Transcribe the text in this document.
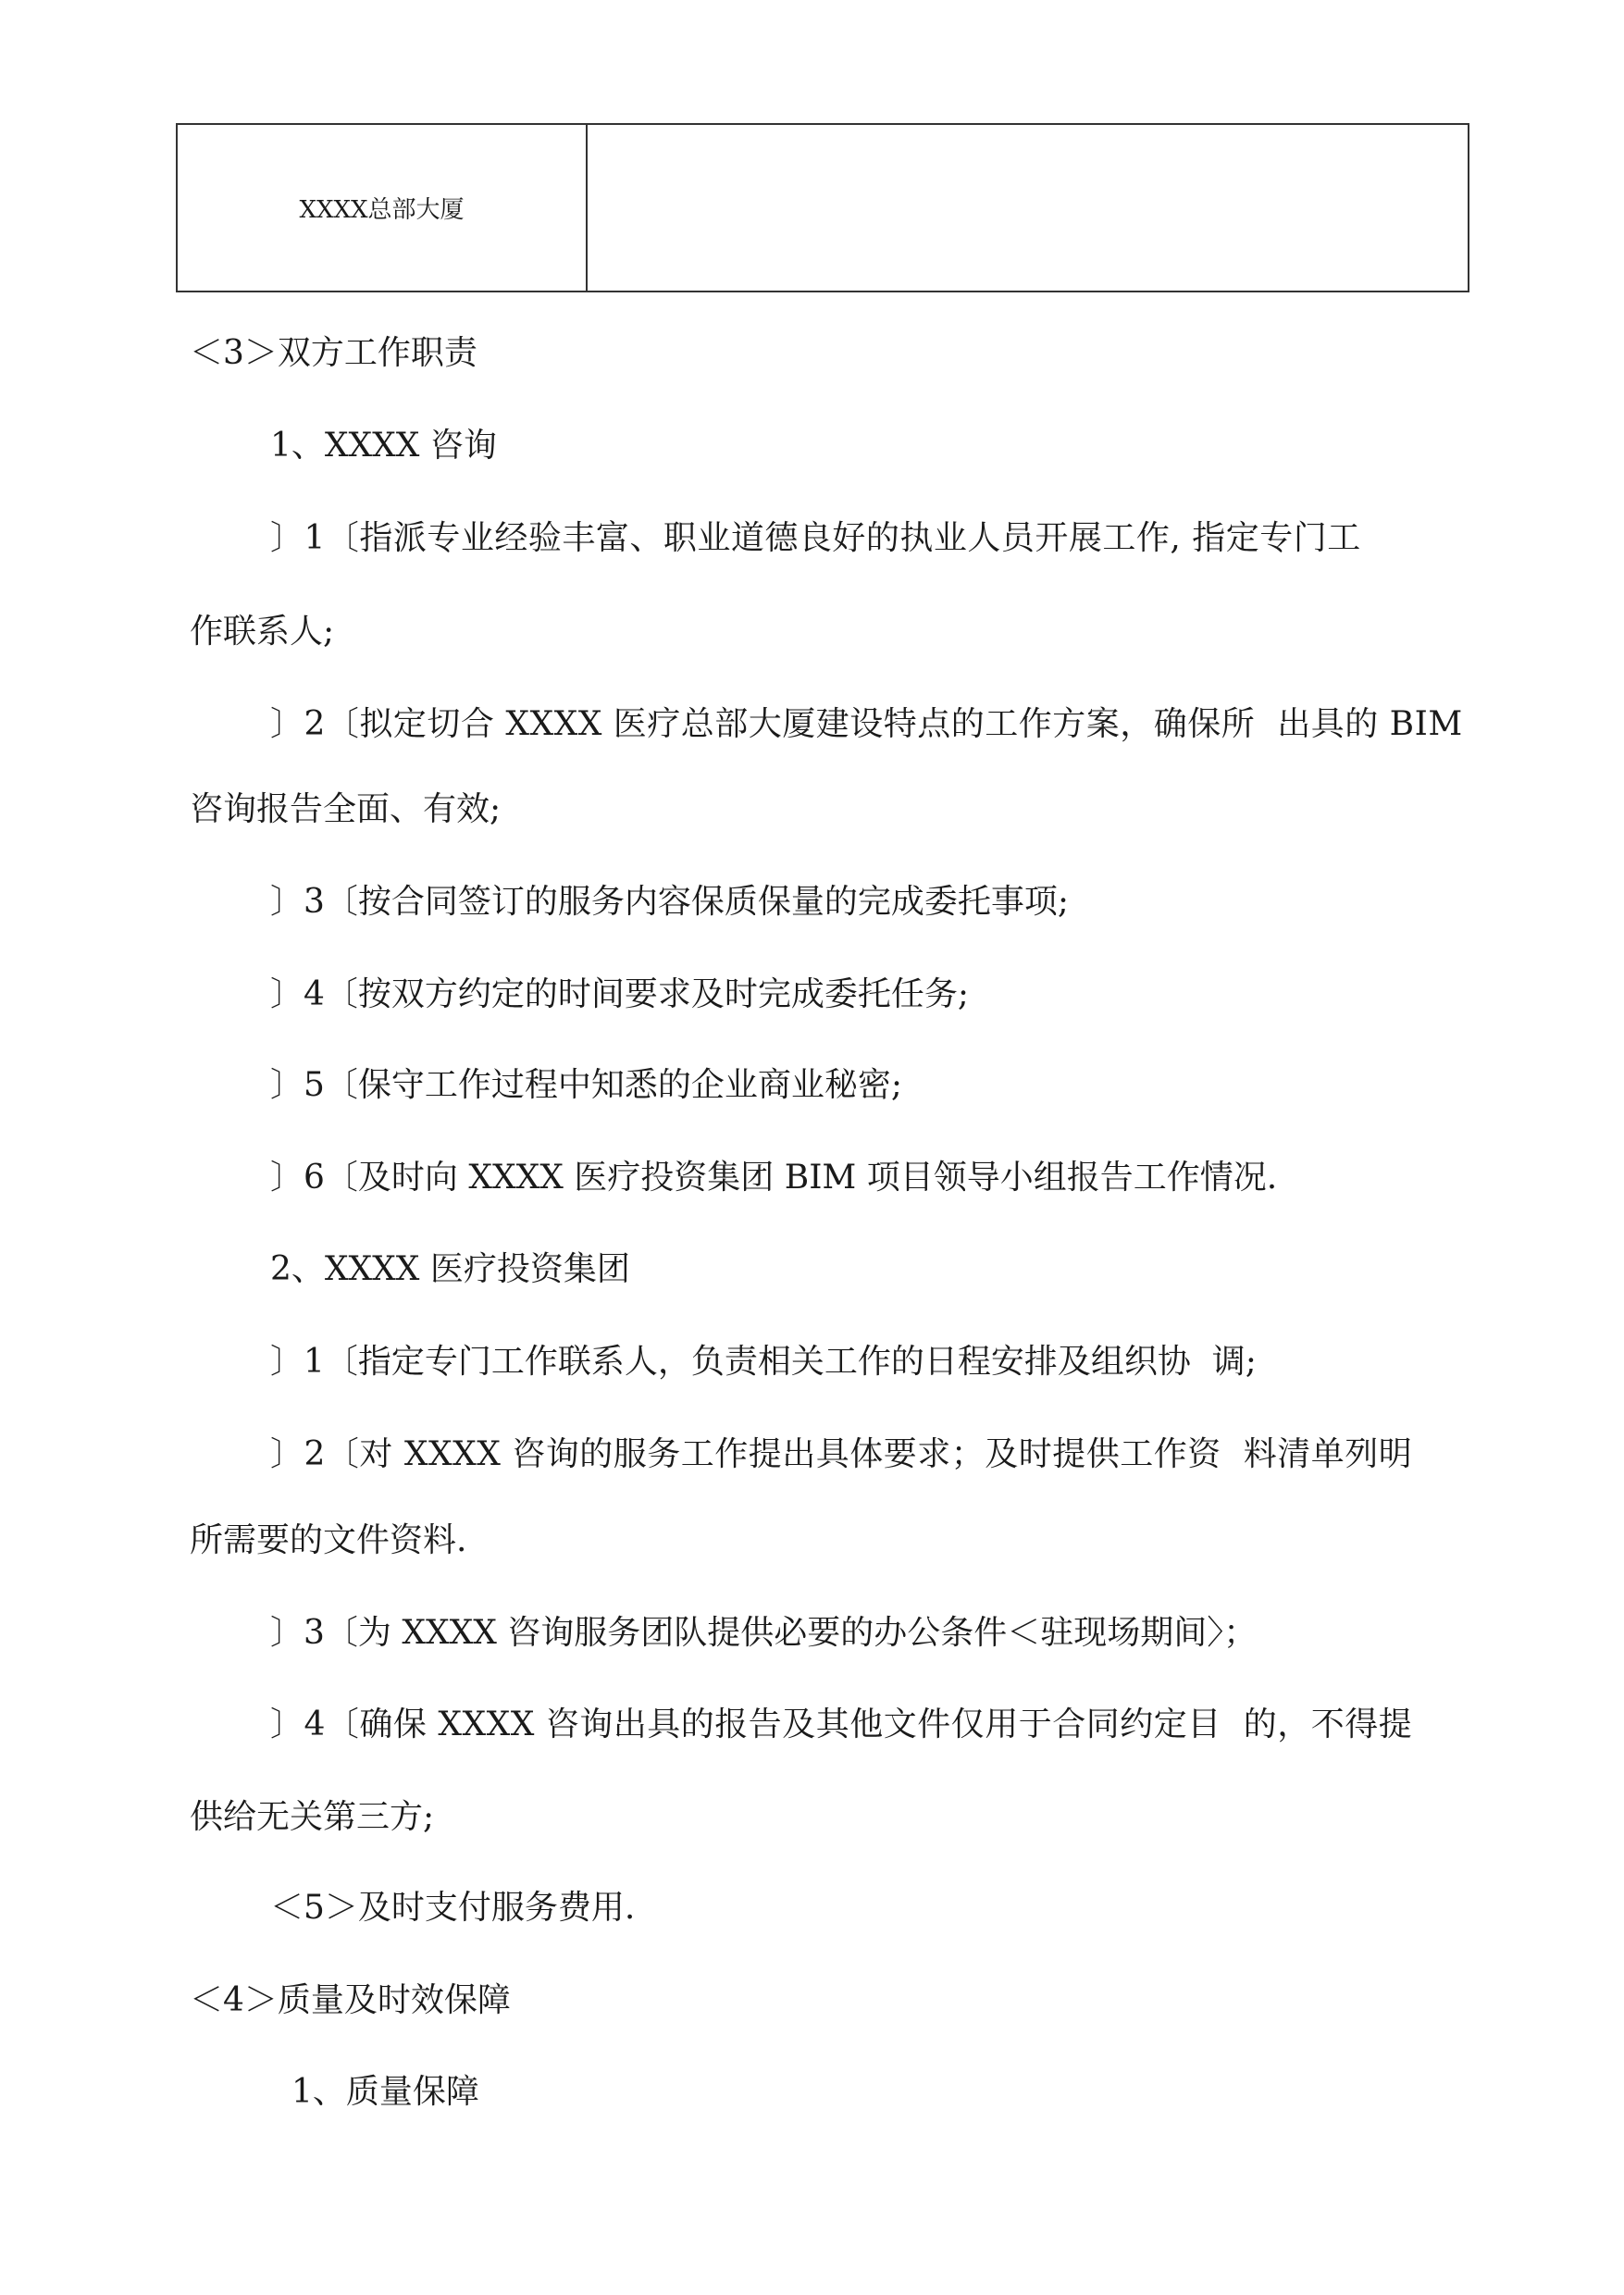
XXXX总部大厦
＜3＞双方工作职责
1、XXXX 咨询
〕1〔指派专业经验丰富、职业道德良好的执业人员开展工作, 指定专门工
作联系人;
〕2〔拟定切合 XXXX 医疗总部大厦建设特点的工作方案，确保所  出具的 BIM
咨询报告全面、有效;
〕3〔按合同签订的服务内容保质保量的完成委托事项;
〕4〔按双方约定的时间要求及时完成委托任务;
〕5〔保守工作过程中知悉的企业商业秘密;
〕6〔及时向 XXXX 医疗投资集团 BIM 项目领导小组报告工作情况.
2、XXXX 医疗投资集团
〕1〔指定专门工作联系人，负责相关工作的日程安排及组织协  调;
〕2〔对 XXXX 咨询的服务工作提出具体要求；及时提供工作资  料清单列明
所需要的文件资料.
〕3〔为 XXXX 咨询服务团队提供必要的办公条件＜驻现场期间〉；
〕4〔确保 XXXX 咨询出具的报告及其他文件仅用于合同约定目  的，不得提
供给无关第三方;
＜5＞及时支付服务费用.
＜4＞质量及时效保障
1、质量保障
